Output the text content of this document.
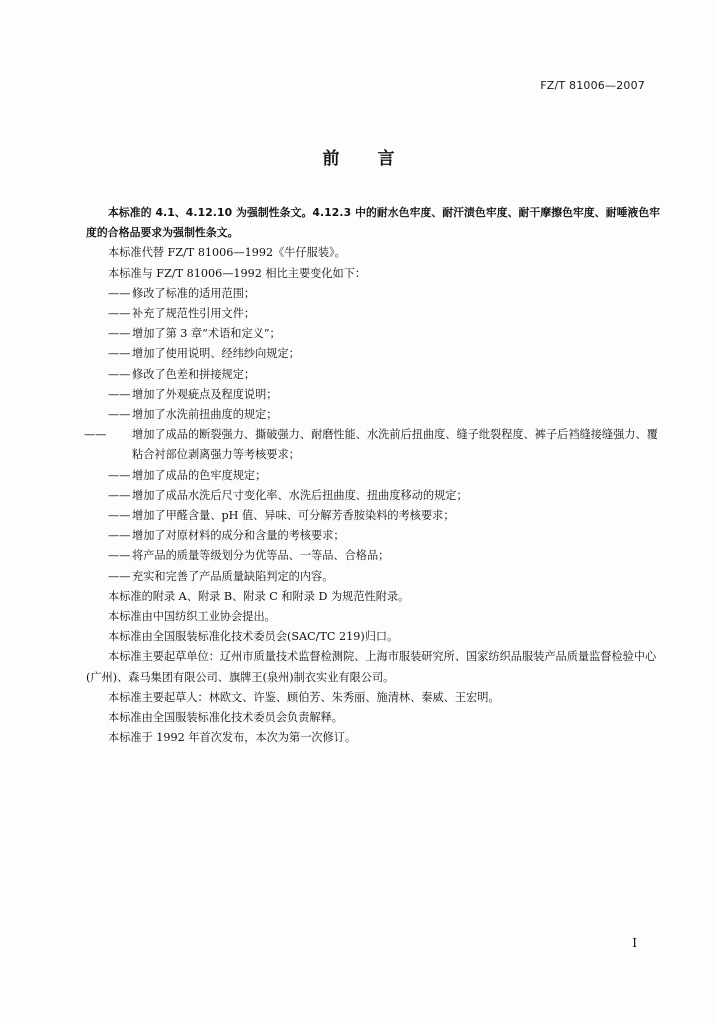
FZ/T 81006—2007
前言

本标准的 4.1、4.12.10 为强制性条文。4.12.3 中的耐水色牢度、耐汗渍色牢度、耐干摩擦色牢度、耐唾液色牢度的合格品要求为强制性条文。

本标准代替 FZ/T 81006—1992《牛仔服装》。

本标准与 FZ/T 81006—1992 相比主要变化如下：

—— 修改了标准的适用范围；

—— 补充了规范性引用文件；

—— 增加了第 3 章“术语和定义”；

—— 增加了使用说明、经纬纱向规定；

—— 修改了色差和拼接规定；

—— 增加了外观疵点及程度说明；

—— 增加了水洗前扭曲度的规定；

—— 增加了成品的断裂强力、撕破强力、耐磨性能、水洗前后扭曲度、缝子纰裂程度、裤子后裆缝接缝强力、覆粘合衬部位剥离强力等考核要求；

—— 增加了成品的色牢度规定；

—— 增加了成品水洗后尺寸变化率、水洗后扭曲度、扭曲度移动的规定；

—— 增加了甲醛含量、pH 值、异味、可分解芳香胺染料的考核要求；

—— 增加了对原材料的成分和含量的考核要求；

—— 将产品的质量等级划分为优等品、一等品、合格品；

—— 充实和完善了产品质量缺陷判定的内容。

本标准的附录 A、附录 B、附录 C 和附录 D 为规范性附录。

本标准由中国纺织工业协会提出。

本标准由全国服装标准化技术委员会(SAC/TC 219)归口。

本标准主要起草单位：辽州市质量技术监督检测院、上海市服装研究所、国家纺织品服装产品质量监督检验中心(广州)、森马集团有限公司、旗牌王(泉州)制衣实业有限公司。

本标准主要起草人：林欧文、许鉴、顾伯芳、朱秀丽、施清林、秦威、王宏明。

本标准由全国服装标准化技术委员会负责解释。

本标准于 1992 年首次发布，本次为第一次修订。

I
